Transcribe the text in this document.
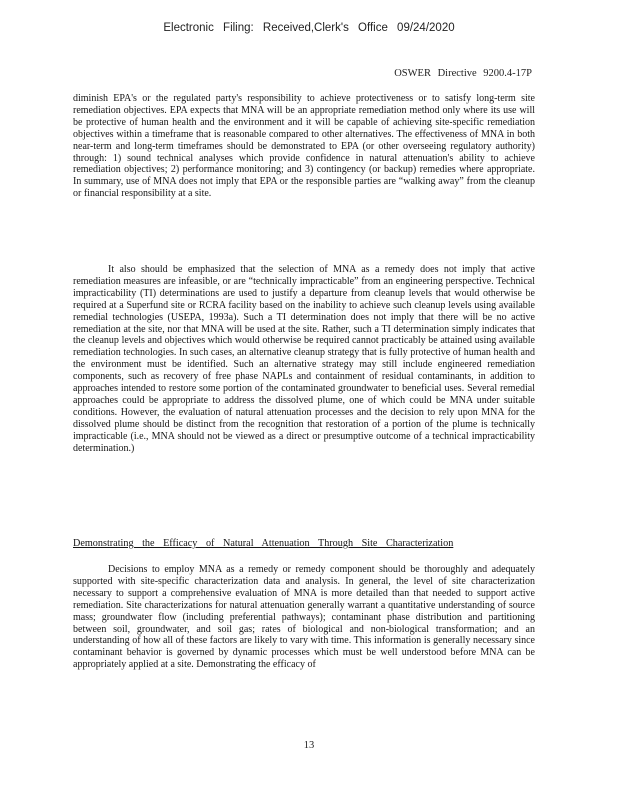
Electronic Filing: Received,Clerk's Office 09/24/2020
OSWER Directive 9200.4-17P

diminish EPA's or the regulated party's responsibility to achieve protectiveness or to satisfy long-term site remediation objectives. EPA expects that MNA will be an appropriate remediation method only where its use will be protective of human health and the environment and it will be capable of achieving site-specific remediation objectives within a timeframe that is reasonable compared to other alternatives. The effectiveness of MNA in both near-term and long-term timeframes should be demonstrated to EPA (or other overseeing regulatory authority) through: 1) sound technical analyses which provide confidence in natural attenuation's ability to achieve remediation objectives; 2) performance monitoring; and 3) contingency (or backup) remedies where appropriate. In summary, use of MNA does not imply that EPA or the responsible parties are “walking away” from the cleanup or financial responsibility at a site.

It also should be emphasized that the selection of MNA as a remedy does not imply that active remediation measures are infeasible, or are “technically impracticable” from an engineering perspective. Technical impracticability (TI) determinations are used to justify a departure from cleanup levels that would otherwise be required at a Superfund site or RCRA facility based on the inability to achieve such cleanup levels using available remedial technologies (USEPA, 1993a). Such a TI determination does not imply that there will be no active remediation at the site, nor that MNA will be used at the site. Rather, such a TI determination simply indicates that the cleanup levels and objectives which would otherwise be required cannot practicably be attained using available remediation technologies. In such cases, an alternative cleanup strategy that is fully protective of human health and the environment must be identified. Such an alternative strategy may still include engineered remediation components, such as recovery of free phase NAPLs and containment of residual contaminants, in addition to approaches intended to restore some portion of the contaminated groundwater to beneficial uses. Several remedial approaches could be appropriate to address the dissolved plume, one of which could be MNA under suitable conditions. However, the evaluation of natural attenuation processes and the decision to rely upon MNA for the dissolved plume should be distinct from the recognition that restoration of a portion of the plume is technically impracticable (i.e., MNA should not be viewed as a direct or presumptive outcome of a technical impracticability determination.)

Demonstrating the Efficacy of Natural Attenuation Through Site Characterization

Decisions to employ MNA as a remedy or remedy component should be thoroughly and adequately supported with site-specific characterization data and analysis. In general, the level of site characterization necessary to support a comprehensive evaluation of MNA is more detailed than that needed to support active remediation. Site characterizations for natural attenuation generally warrant a quantitative understanding of source mass; groundwater flow (including preferential pathways); contaminant phase distribution and partitioning between soil, groundwater, and soil gas; rates of biological and non-biological transformation; and an understanding of how all of these factors are likely to vary with time. This information is generally necessary since contaminant behavior is governed by dynamic processes which must be well understood before MNA can be appropriately applied at a site. Demonstrating the efficacy of

13
